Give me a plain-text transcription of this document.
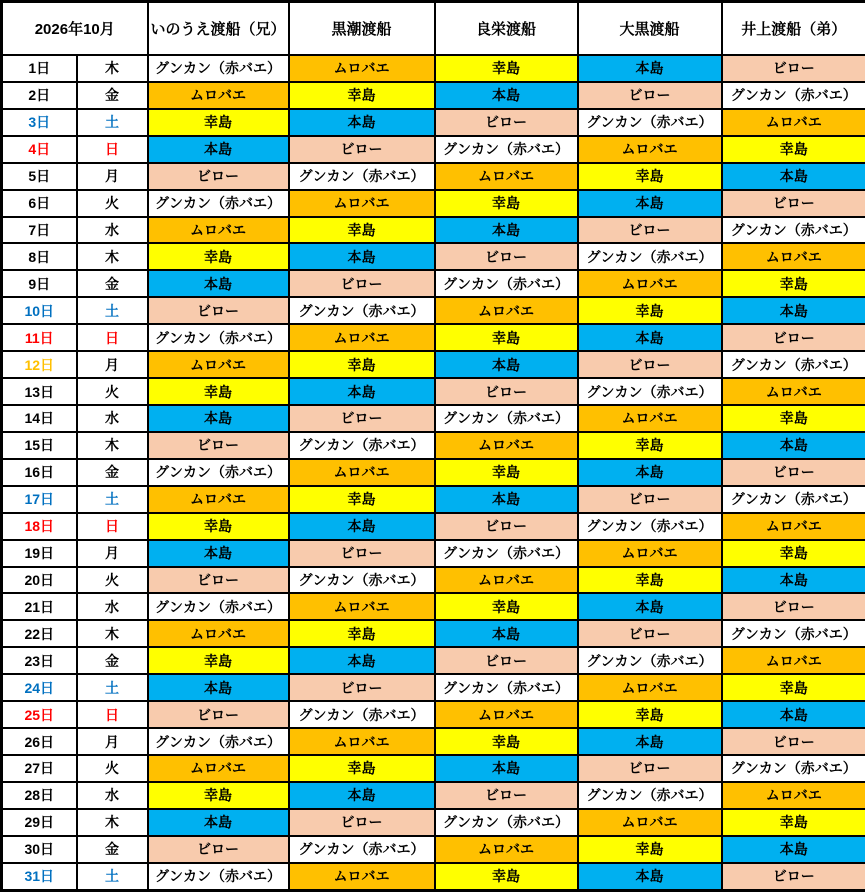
2026年10月		いのうえ渡船（兄）	黒潮渡船	良栄渡船	大黒渡船	井上渡船（弟）
1日	木	グンカン（赤バエ）	ムロバエ	幸島	本島	ビロー
2日	金	ムロバエ	幸島	本島	ビロー	グンカン（赤バエ）
3日	土	幸島	本島	ビロー	グンカン（赤バエ）	ムロバエ
4日	日	本島	ビロー	グンカン（赤バエ）	ムロバエ	幸島
5日	月	ビロー	グンカン（赤バエ）	ムロバエ	幸島	本島
6日	火	グンカン（赤バエ）	ムロバエ	幸島	本島	ビロー
7日	水	ムロバエ	幸島	本島	ビロー	グンカン（赤バエ）
8日	木	幸島	本島	ビロー	グンカン（赤バエ）	ムロバエ
9日	金	本島	ビロー	グンカン（赤バエ）	ムロバエ	幸島
10日	土	ビロー	グンカン（赤バエ）	ムロバエ	幸島	本島
11日	日	グンカン（赤バエ）	ムロバエ	幸島	本島	ビロー
12日	月	ムロバエ	幸島	本島	ビロー	グンカン（赤バエ）
13日	火	幸島	本島	ビロー	グンカン（赤バエ）	ムロバエ
14日	水	本島	ビロー	グンカン（赤バエ）	ムロバエ	幸島
15日	木	ビロー	グンカン（赤バエ）	ムロバエ	幸島	本島
16日	金	グンカン（赤バエ）	ムロバエ	幸島	本島	ビロー
17日	土	ムロバエ	幸島	本島	ビロー	グンカン（赤バエ）
18日	日	幸島	本島	ビロー	グンカン（赤バエ）	ムロバエ
19日	月	本島	ビロー	グンカン（赤バエ）	ムロバエ	幸島
20日	火	ビロー	グンカン（赤バエ）	ムロバエ	幸島	本島
21日	水	グンカン（赤バエ）	ムロバエ	幸島	本島	ビロー
22日	木	ムロバエ	幸島	本島	ビロー	グンカン（赤バエ）
23日	金	幸島	本島	ビロー	グンカン（赤バエ）	ムロバエ
24日	土	本島	ビロー	グンカン（赤バエ）	ムロバエ	幸島
25日	日	ビロー	グンカン（赤バエ）	ムロバエ	幸島	本島
26日	月	グンカン（赤バエ）	ムロバエ	幸島	本島	ビロー
27日	火	ムロバエ	幸島	本島	ビロー	グンカン（赤バエ）
28日	水	幸島	本島	ビロー	グンカン（赤バエ）	ムロバエ
29日	木	本島	ビロー	グンカン（赤バエ）	ムロバエ	幸島
30日	金	ビロー	グンカン（赤バエ）	ムロバエ	幸島	本島
31日	土	グンカン（赤バエ）	ムロバエ	幸島	本島	ビロー
